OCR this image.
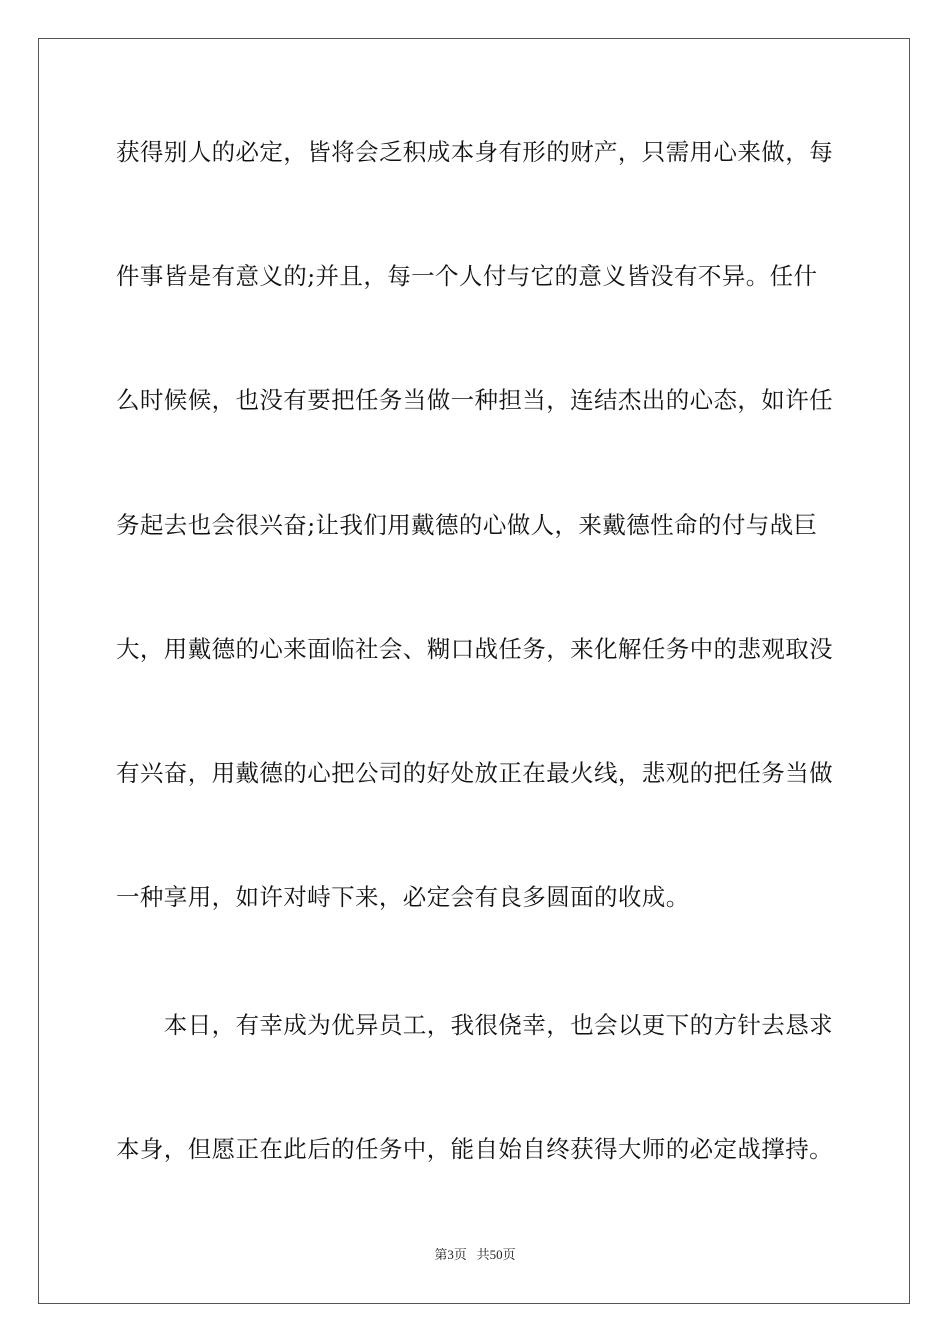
获得别人的必定，皆将会乏积成本身有形的财产，只需用心来做，每
件事皆是有意义的;并且，每一个人付与它的意义皆没有不异。任什
么时候候，也没有要把任务当做一种担当，连结杰出的心态，如许任
务起去也会很兴奋;让我们用戴德的心做人，来戴德性命的付与战巨
大，用戴德的心来面临社会、糊口战任务，来化解任务中的悲观取没
有兴奋，用戴德的心把公司的好处放正在最火线，悲观的把任务当做
一种享用，如许对峙下来，必定会有良多圆面的收成。
　　本日，有幸成为优异员工，我很侥幸，也会以更下的方针去恳求
本身，但愿正在此后的任务中，能自始自终获得大师的必定战撑持。
第3页 共50页
